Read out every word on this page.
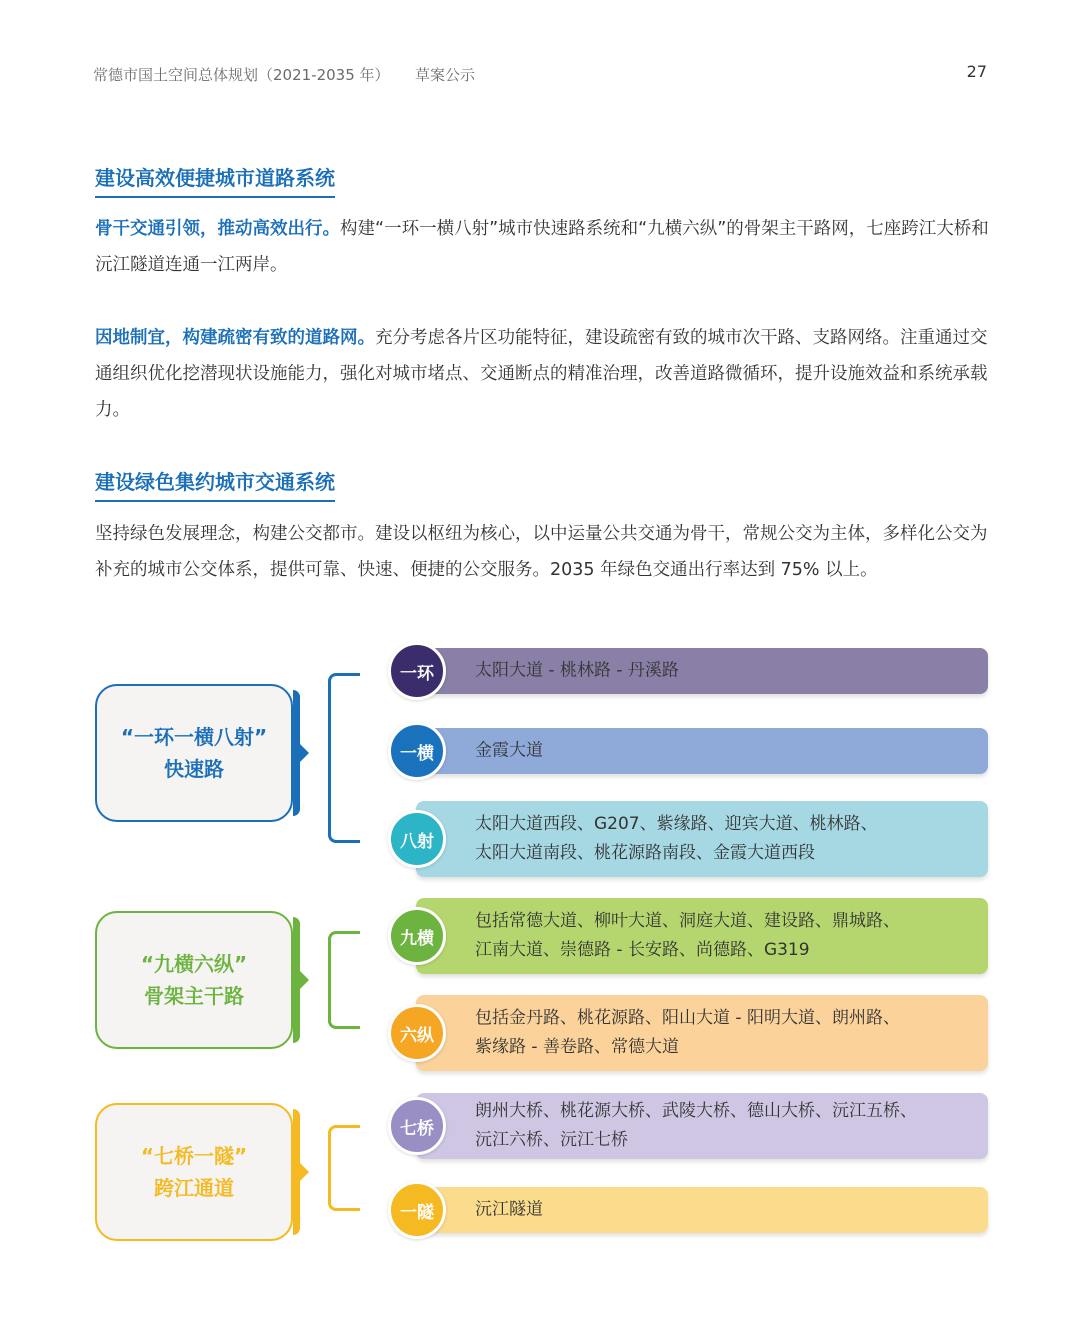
常德市国土空间总体规划（2021-2035 年） 草案公示	27
建设高效便捷城市道路系统

骨干交通引领，推动高效出行。构建“一环一横八射”城市快速路系统和“九横六纵”的骨架主干路网，七座跨江大桥和沅江隧道连通一江两岸。

因地制宜，构建疏密有致的道路网。充分考虑各片区功能特征，建设疏密有致的城市次干路、支路网络。注重通过交通组织优化挖潜现状设施能力，强化对城市堵点、交通断点的精准治理，改善道路微循环，提升设施效益和系统承载力。

建设绿色集约城市交通系统

坚持绿色发展理念，构建公交都市。建设以枢纽为核心，以中运量公共交通为骨干，常规公交为主体，多样化公交为补充的城市公交体系，提供可靠、快速、便捷的公交服务。2035 年绿色交通出行率达到 75% 以上。

“一环一横八射”
快速路
一环	太阳大道 - 桃林路 - 丹溪路
一横	金霞大道
八射
太阳大道西段、G207、紫缘路、迎宾大道、桃林路、
太阳大道南段、桃花源路南段、金霞大道西段
“九横六纵”
骨架主干路
九横
包括常德大道、柳叶大道、洞庭大道、建设路、鼎城路、
江南大道、崇德路 - 长安路、尚德路、G319
六纵
包括金丹路、桃花源路、阳山大道 - 阳明大道、朗州路、
紫缘路 - 善卷路、常德大道
“七桥一隧”
跨江通道
七桥
朗州大桥、桃花源大桥、武陵大桥、德山大桥、沅江五桥、
沅江六桥、沅江七桥
一隧	沅江隧道
